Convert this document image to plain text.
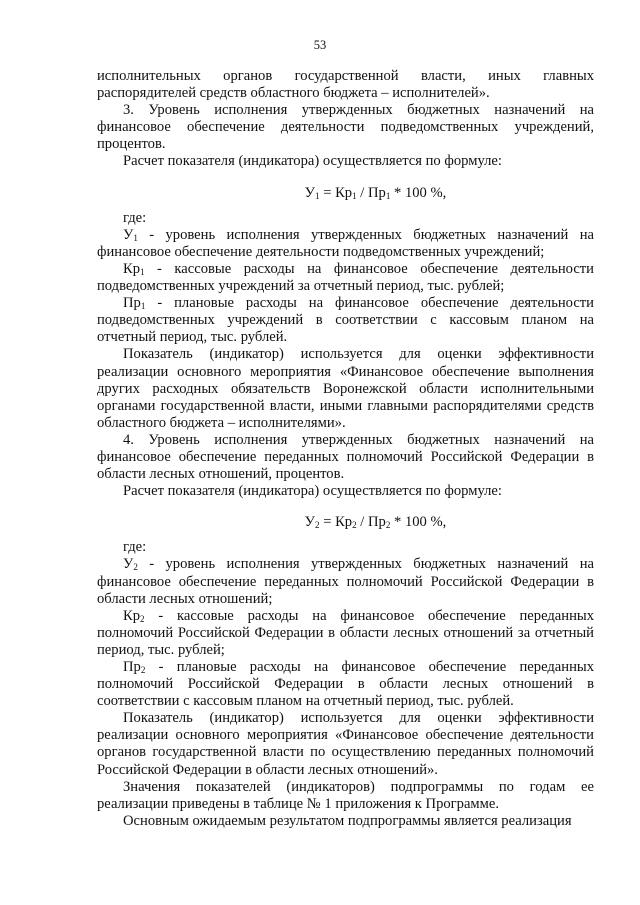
53

исполнительных органов государственной власти, иных главных распорядителей средств областного бюджета – исполнителей».

3. Уровень исполнения утвержденных бюджетных назначений на финансовое обеспечение деятельности подведомственных учреждений, процентов.

Расчет показателя (индикатора) осуществляется по формуле:

$У_1 = Кр_1 / Пр_1 * 100$ %,

где:

$У_1$ - уровень исполнения утвержденных бюджетных назначений на финансовое обеспечение деятельности подведомственных учреждений;

$Кр_1$ - кассовые расходы на финансовое обеспечение деятельности подведомственных учреждений за отчетный период, тыс. рублей;

$Пр_1$ - плановые расходы на финансовое обеспечение деятельности подведомственных учреждений в соответствии с кассовым планом на отчетный период, тыс. рублей.

Показатель (индикатор) используется для оценки эффективности реализации основного мероприятия «Финансовое обеспечение выполнения других расходных обязательств Воронежской области исполнительными органами государственной власти, иными главными распорядителями средств областного бюджета – исполнителями».

4. Уровень исполнения утвержденных бюджетных назначений на финансовое обеспечение переданных полномочий Российской Федерации в области лесных отношений, процентов.

Расчет показателя (индикатора) осуществляется по формуле:

$У_2 = Кр_2 / Пр_2 * 100$ %,

где:

$У_2$ - уровень исполнения утвержденных бюджетных назначений на финансовое обеспечение переданных полномочий Российской Федерации в области лесных отношений;

$Кр_2$ - кассовые расходы на финансовое обеспечение переданных полномочий Российской Федерации в области лесных отношений за отчетный период, тыс. рублей;

$Пр_2$ - плановые расходы на финансовое обеспечение переданных полномочий Российской Федерации в области лесных отношений в соответствии с кассовым планом на отчетный период, тыс. рублей.

Показатель (индикатор) используется для оценки эффективности реализации основного мероприятия «Финансовое обеспечение деятельности органов государственной власти по осуществлению переданных полномочий Российской Федерации в области лесных отношений».

Значения показателей (индикаторов) подпрограммы по годам ее реализации приведены в таблице № 1 приложения к Программе.

Основным ожидаемым результатом подпрограммы является реализация
